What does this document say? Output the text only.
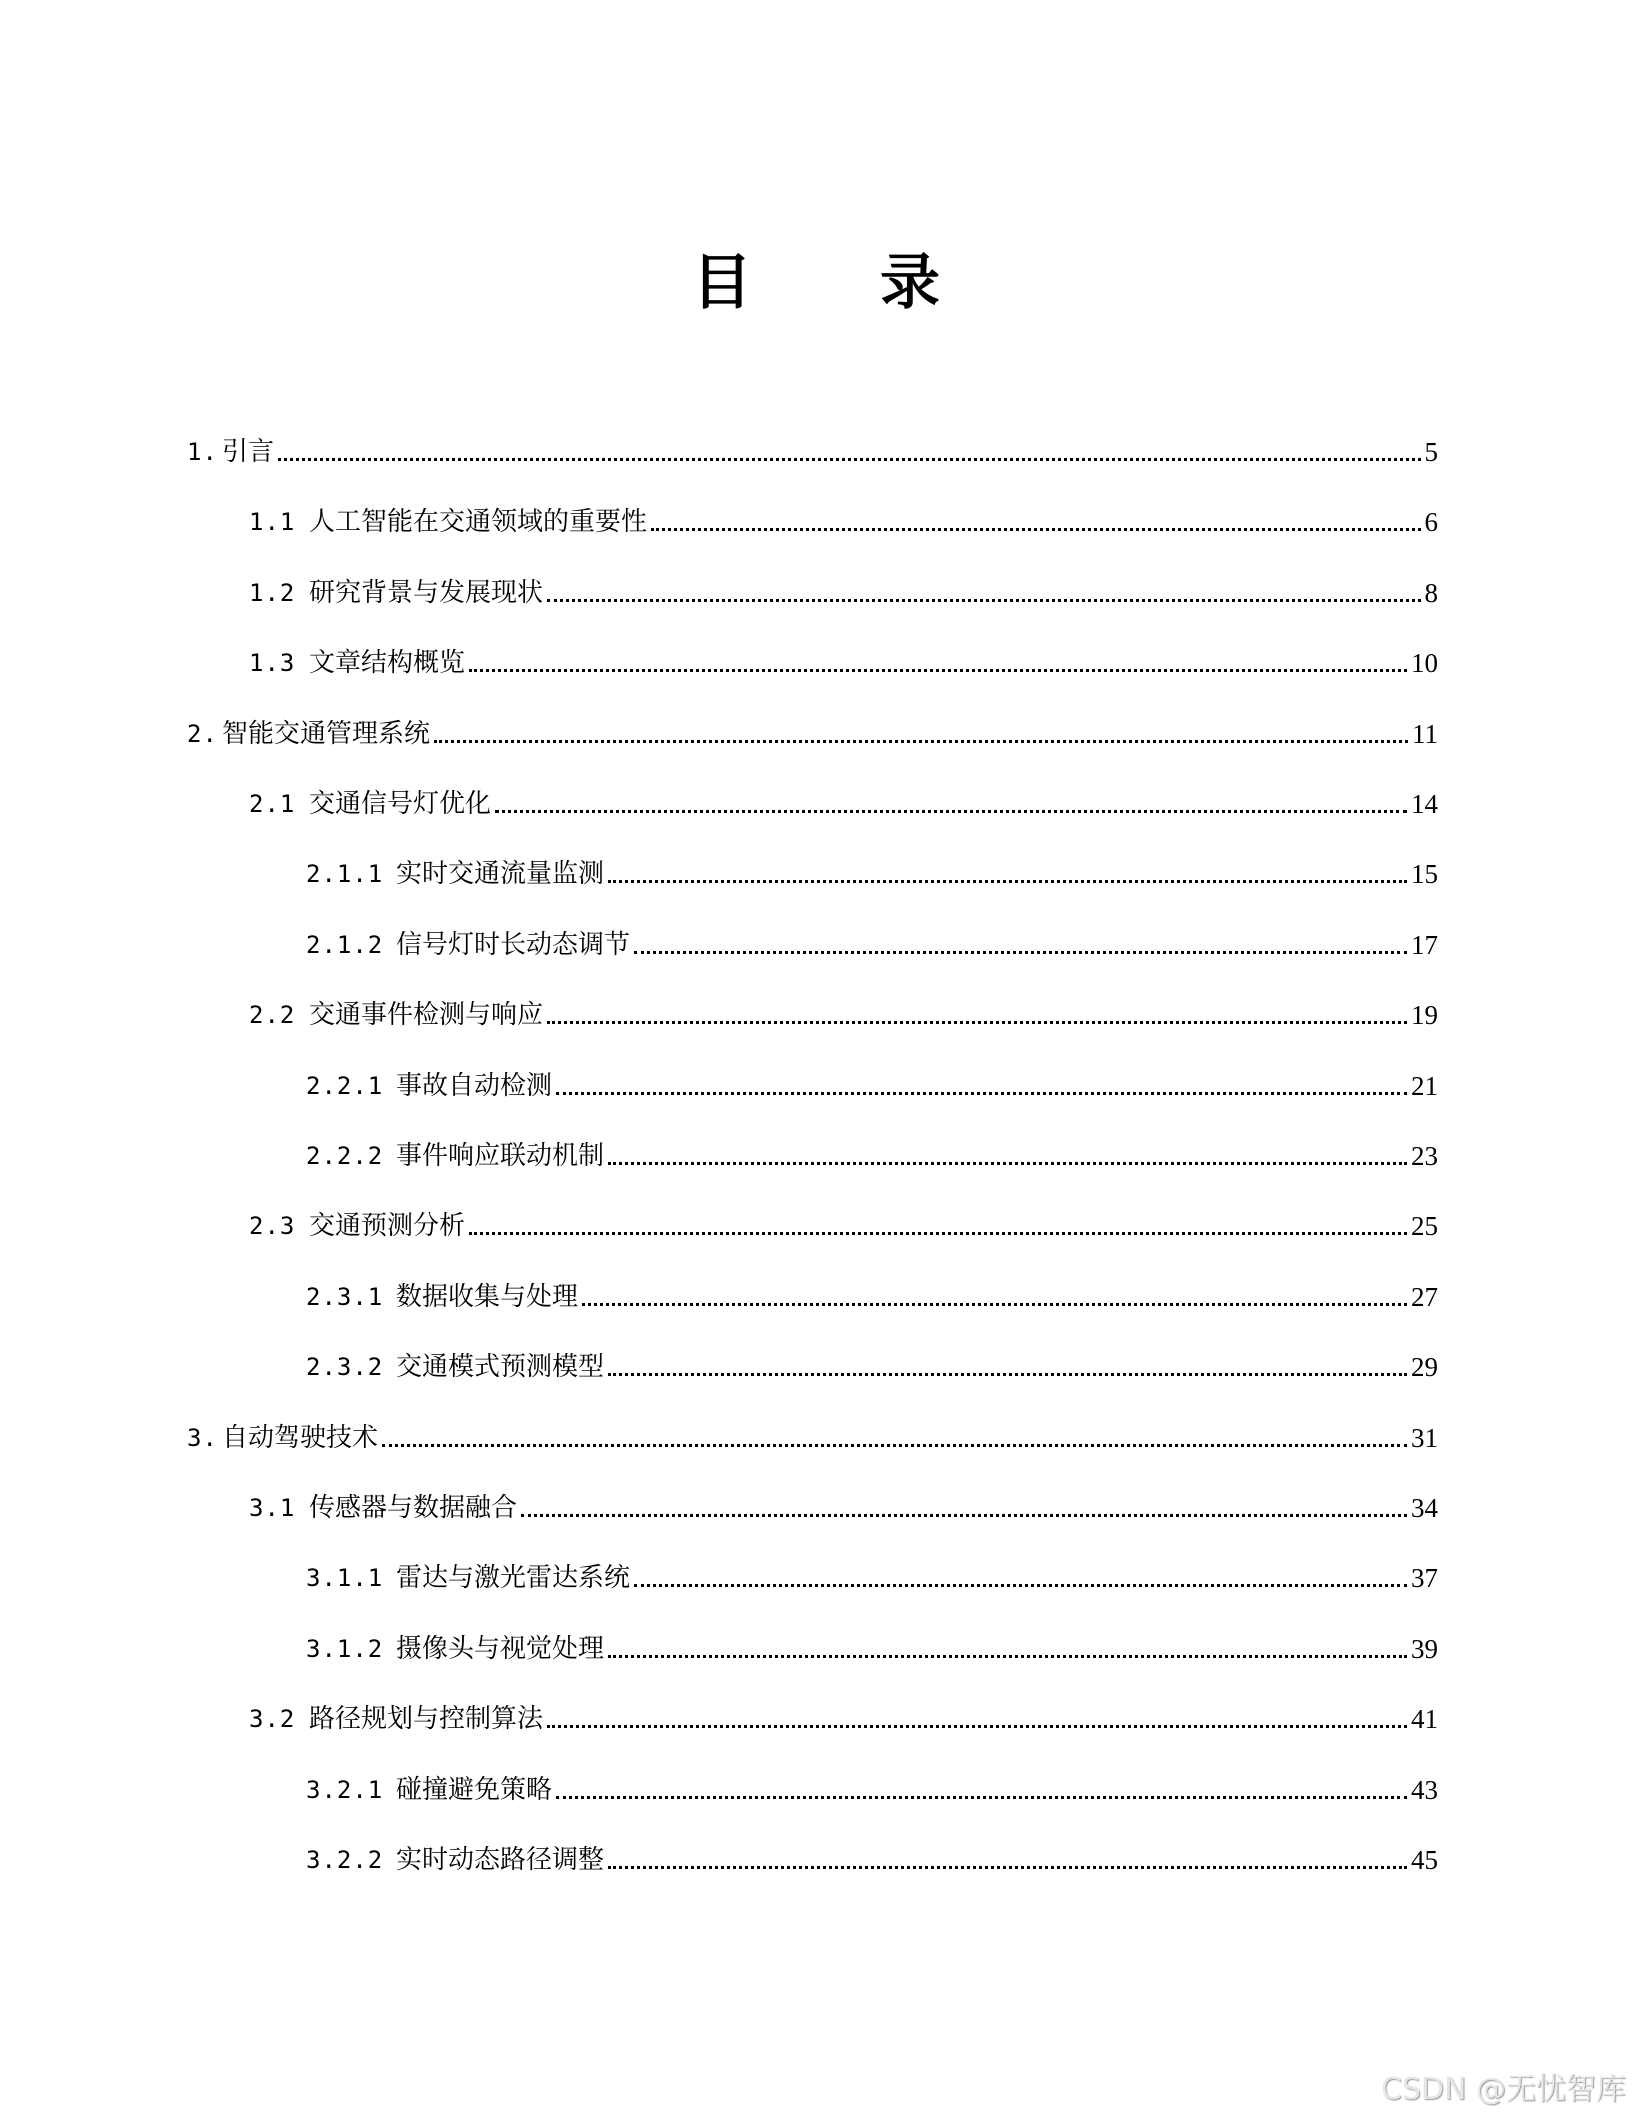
目 录
1. 引言	5
1.1 人工智能在交通领域的重要性	6
1.2 研究背景与发展现状	8
1.3 文章结构概览	10
2. 智能交通管理系统	11
2.1 交通信号灯优化	14
2.1.1 实时交通流量监测	15
2.1.2 信号灯时长动态调节	17
2.2 交通事件检测与响应	19
2.2.1 事故自动检测	21
2.2.2 事件响应联动机制	23
2.3 交通预测分析	25
2.3.1 数据收集与处理	27
2.3.2 交通模式预测模型	29
3. 自动驾驶技术	31
3.1 传感器与数据融合	34
3.1.1 雷达与激光雷达系统	37
3.1.2 摄像头与视觉处理	39
3.2 路径规划与控制算法	41
3.2.1 碰撞避免策略	43
3.2.2 实时动态路径调整	45
CSDN @无忧智库
